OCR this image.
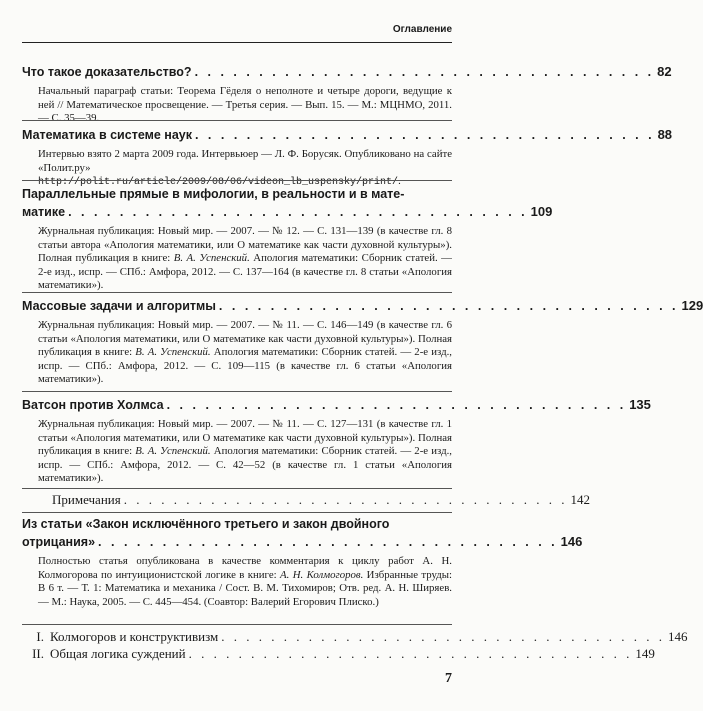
Оглавление
Что такое доказательство? . . . . . . . . . . . . . . . . . . . . . . . . . . . . . . . . . . . . 82
Начальный параграф статьи: Теорема Гёделя о неполноте и четыре дороги, ведущие к ней // Математическое просвещение. — Третья серия. — Вып. 15. — М.: МЦНМО, 2011. — С. 35—39.
Математика в системе наук . . . . . . . . . . . . . . . . . . . . . . . . . . . . . . . . . . . . 88
Интервью взято 2 марта 2009 года. Интервьюер — Л. Ф. Борусяк. Опубликовано на сайте «Полит.ру» http://polit.ru/article/2009/08/06/videon_lb_uspensky/print/.
Параллельные прямые в мифологии, в реальности и в мате-
матике . . . . . . . . . . . . . . . . . . . . . . . . . . . . . . . . . . . . 109
Журнальная публикация: Новый мир. — 2007. — № 12. — С. 131—139 (в качестве гл. 8 статьи автора «Апология математики, или О математике как части духовной культуры»). Полная публикация в книге: В. А. Успенский. Апология математики: Сборник статей. — 2-е изд., испр. — СПб.: Амфора, 2012. — С. 137—164 (в качестве гл. 8 статьи «Апология математики»).
Массовые задачи и алгоритмы . . . . . . . . . . . . . . . . . . . . . . . . . . . . . . . . . . . . 129
Журнальная публикация: Новый мир. — 2007. — № 11. — С. 146—149 (в качестве гл. 6 статьи «Апология математики, или О математике как части духовной культуры»). Полная публикация в книге: В. А. Успенский. Апология математики: Сборник статей. — 2-е изд., испр. — СПб.: Амфора, 2012. — С. 109—115 (в качестве гл. 6 статьи «Апология математики»).
Ватсон против Холмса . . . . . . . . . . . . . . . . . . . . . . . . . . . . . . . . . . . . 135
Журнальная публикация: Новый мир. — 2007. — № 11. — С. 127—131 (в качестве гл. 1 статьи «Апология математики, или О математике как части духовной культуры»). Полная публикация в книге: В. А. Успенский. Апология математики: Сборник статей. — 2-е изд., испр. — СПб.: Амфора, 2012. — С. 42—52 (в качестве гл. 1 статьи «Апология математики»).
Примечания . . . . . . . . . . . . . . . . . . . . . . . . . . . . . . . . . . . . 142
Из статьи «Закон исключённого третьего и закон двойного
отрицания» . . . . . . . . . . . . . . . . . . . . . . . . . . . . . . . . . . . . 146
Полностью статья опубликована в качестве комментария к циклу работ А. Н. Колмогорова по интуиционистской логике в книге: А. Н. Колмогоров. Избранные труды: В 6 т. — Т. 1: Математика и механика / Сост. В. М. Тихомиров; Отв. ред. А. Н. Ширяев. — М.: Наука, 2005. — С. 445—454. (Соавтор: Валерий Егорович Плиско.)
I. Колмогоров и конструктивизм . . . . . . . . . . . . . . . . . . . . . . . . . . . . . . . . . . . . 146
II. Общая логика суждений . . . . . . . . . . . . . . . . . . . . . . . . . . . . . . . . . . . . 149
7
